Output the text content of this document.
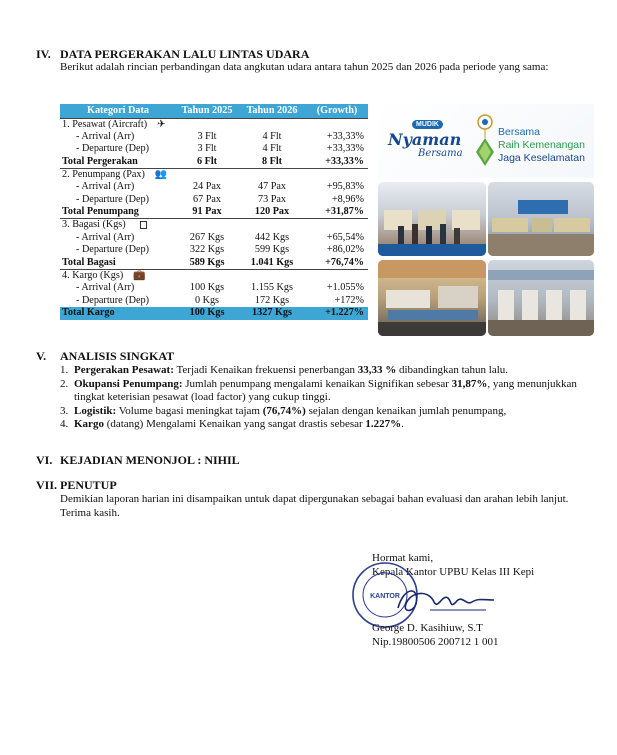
IV. DATA PERGERAKAN LALU LINTAS UDARA
Berikut adalah rincian perbandingan data angkutan udara antara tahun 2025 dan 2026 pada periode yang sama:
Kategori Data	Tahun 2025	Tahun 2026	(Growth)
1. Pesawat (Aircraft) ✈			
- Arrival (Arr)	3 Flt	4 Flt	+33,33%
- Departure (Dep)	3 Flt	4 Flt	+33,33%
Total Pergerakan	6 Flt	8 Flt	+33,33%
2. Penumpang (Pax) 👥			
- Arrival (Arr)	24 Pax	47 Pax	+95,83%
- Departure (Dep)	67 Pax	73 Pax	+8,96%
Total Penumpang	91 Pax	120 Pax	+31,87%
3. Bagasi (Kgs)			
- Arrival (Arr)	267 Kgs	442 Kgs	+65,54%
- Departure (Dep)	322 Kgs	599 Kgs	+86,02%
Total Bagasi	589 Kgs	1.041 Kgs	+76,74%
4. Kargo (Kgs) 💼			
- Arrival (Arr)	100 Kgs	1.155 Kgs	+1.055%
- Departure (Dep)	0 Kgs	172 Kgs	+172%
Total Kargo	100 Kgs	1327 Kgs	+1.227%
MUDIK
Nyaman
Bersama
Bersama
Raih Kemenangan
Jaga Keselamatan
V.	ANALISIS SINGKAT
1. Pergerakan Pesawat: Terjadi Kenaikan frekuensi penerbangan 33,33 % dibandingkan tahun lalu.
2. Okupansi Penumpang: Jumlah penumpang mengalami kenaikan Signifikan sebesar 31,87%, yang menunjukkan tingkat keterisian pesawat (load factor) yang cukup tinggi.
3. Logistik: Volume bagasi meningkat tajam (76,74%) sejalan dengan kenaikan jumlah penumpang,
4. Kargo (datang) Mengalami Kenaikan yang sangat drastis sebesar 1.227%.
VI. KEJADIAN MENONJOL : NIHIL
VII. PENUTUP
Demikian laporan harian ini disampaikan untuk dapat dipergunakan sebagai bahan evaluasi dan arahan lebih lanjut. Terima kasih.
Hormat kami,
Kepala Kantor UPBU Kelas III Kepi
KANTOR
George D. Kasihiuw, S.T
Nip.19800506 200712 1 001
